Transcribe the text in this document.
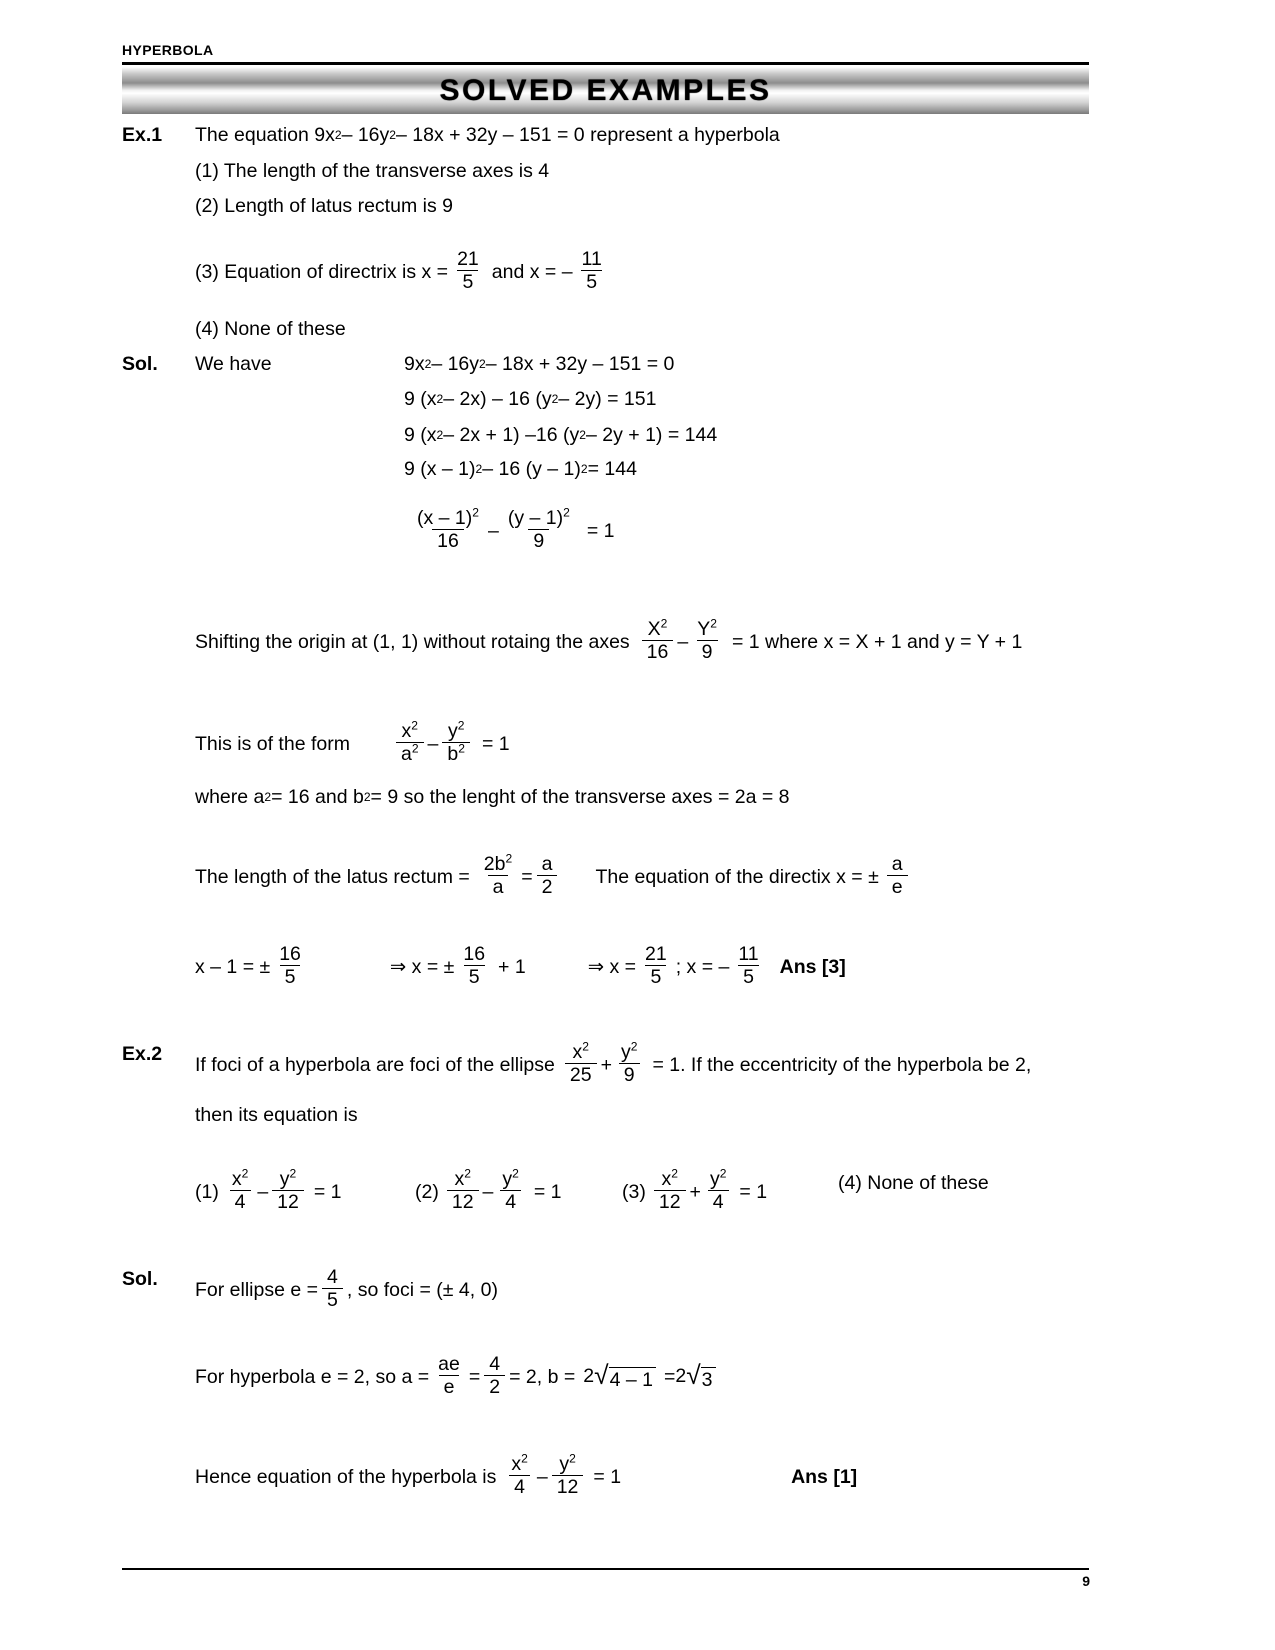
HYPERBOLA
SOLVED EXAMPLES
Ex.1 The equation 9x 2 – 16y 2 – 18x + 32y – 151 = 0 represent a hyperbola
(1) The length of the transverse axes is 4
(2) Length of latus rectum is 9
(3) Equation of directrix is $x = \frac{21}{5}$ and x = – $\frac{11}{5}$
(4) None of these
Sol. We have	9x 2 – 16y 2 – 18x + 32y – 151 = 0
9 (x 2 – 2x) – 16 (y 2 – 2y) = 151
9 (x 2 – 2x + 1) –16 (y 2 – 2y + 1) = 144
9 (x – 1) 2 – 16 (y – 1) 2 = 144
$\frac{(x - 1)^2}{16} - \frac{(y - 1)^2}{9} = 1$
Shifting the origin at (1, 1) without rotaing the axes $\frac{X^2}{16} - \frac{Y^2}{9} = 1$ where x = X + 1 and y = Y + 1
This is of the form $\frac{x^2}{a^2} - \frac{y^2}{b^2} = 1$
where a 2 = 16 and b 2 = 9 so the lenght of the transverse axes = 2a = 8
The length of the latus rectum = $\frac{2b^2}{a} = \frac{a}{2}$ The equation of the directix x = ± $\frac{a}{e}$
x – 1 = ± $\frac{16}{5}$	⇒ x = ± $\frac{16}{5} + 1$	⇒ $x = \frac{21}{5}$ ; x = – $\frac{11}{5}$ Ans [3]
Ex.2 If foci of a hyperbola are foci of the ellipse $\frac{x^2}{25} + \frac{y^2}{9} = 1$. If the eccentricity of the hyperbola be 2,
then its equation is
$(1) \frac{x^2}{4} - \frac{y^2}{12} = 1$	$(2) \frac{x^2}{12} - \frac{y^2}{4} = 1$	$(3) \frac{x^2}{12} + \frac{y^2}{4} = 1$	(4) None of these
Sol. For ellipse $e = \frac{4}{5}$ , so foci = (± 4, 0)
For hyperbola e = 2, so $a = \frac{ae}{e} = \frac{4}{2} = 2$, b = 2 √ 4 – 1 = 2 √ 3
Hence equation of the hyperbola is $\frac{x^2}{4} - \frac{y^2}{12} = 1$	Ans [1]
9
